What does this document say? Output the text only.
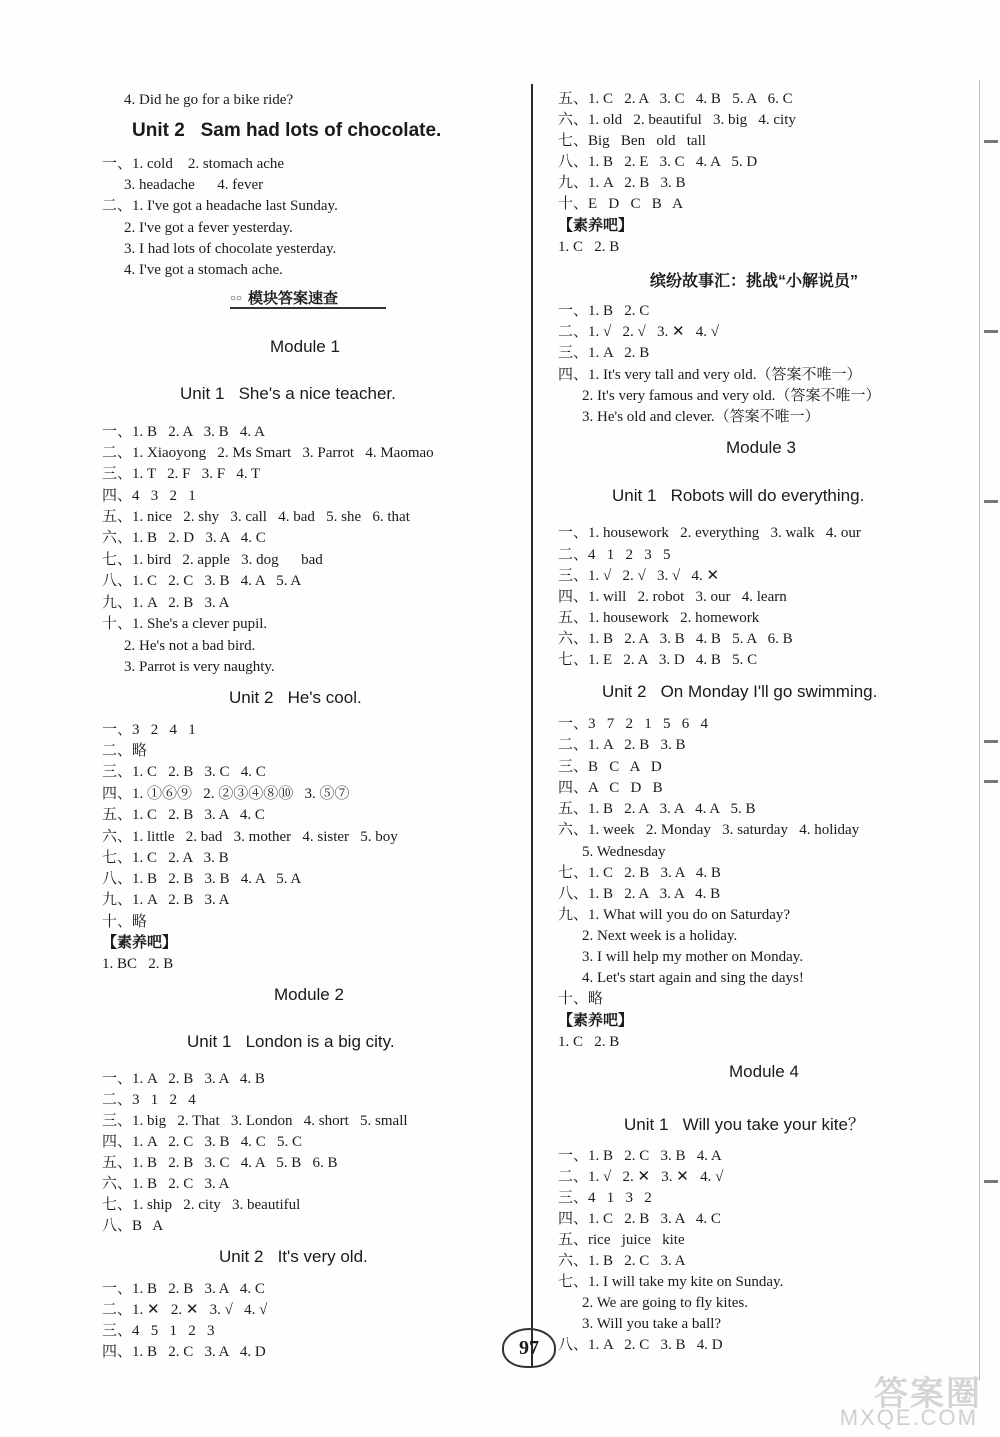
4. Did he go for a bike ride?
Unit 2   Sam had lots of chocolate.
一、1. cold    2. stomach ache
3. headache      4. fever
二、1. I've got a headache last Sunday.
2. I've got a fever yesterday.
3. I had lots of chocolate yesterday.
4. I've got a stomach ache.
○○ 模块答案速查
Module 1
Unit 1   She's a nice teacher.
一、1. B   2. A   3. B   4. A
二、1. Xiaoyong   2. Ms Smart   3. Parrot   4. Maomao
三、1. T   2. F   3. F   4. T
四、4   3   2   1
五、1. nice   2. shy   3. call   4. bad   5. she   6. that
六、1. B   2. D   3. A   4. C
七、1. bird   2. apple   3. dog      bad
八、1. C   2. C   3. B   4. A   5. A
九、1. A   2. B   3. A
十、1. She's a clever pupil.
2. He's not a bad bird.
3. Parrot is very naughty.
Unit 2   He's cool.
一、3   2   4   1
二、略
三、1. C   2. B   3. C   4. C
四、1. ①⑥⑨   2. ②③④⑧⑩   3. ⑤⑦
五、1. C   2. B   3. A   4. C
六、1. little   2. bad   3. mother   4. sister   5. boy
七、1. C   2. A   3. B
八、1. B   2. B   3. B   4. A   5. A
九、1. A   2. B   3. A
十、略
【素养吧】
1. BC   2. B
Module 2
Unit 1   London is a big city.
一、1. A   2. B   3. A   4. B
二、3   1   2   4
三、1. big   2. That   3. London   4. short   5. small
四、1. A   2. C   3. B   4. C   5. C
五、1. B   2. B   3. C   4. A   5. B   6. B
六、1. B   2. C   3. A
七、1. ship   2. city   3. beautiful
八、B   A
Unit 2   It's very old.
一、1. B   2. B   3. A   4. C
二、1. ✕   2. ✕   3. √   4. √
三、4   5   1   2   3
四、1. B   2. C   3. A   4. D
五、1. C   2. A   3. C   4. B   5. A   6. C
六、1. old   2. beautiful   3. big   4. city
七、Big   Ben   old   tall
八、1. B   2. E   3. C   4. A   5. D
九、1. A   2. B   3. B
十、E   D   C   B   A
【素养吧】
1. C   2. B
缤纷故事汇：挑战“小解说员”
一、1. B   2. C
二、1. √   2. √   3. ✕   4. √
三、1. A   2. B
四、1. It's very tall and very old.（答案不唯一）
2. It's very famous and very old.（答案不唯一）
3. He's old and clever.（答案不唯一）
Module 3
Unit 1   Robots will do everything.
一、1. housework   2. everything   3. walk   4. our
二、4   1   2   3   5
三、1. √   2. √   3. √   4. ✕
四、1. will   2. robot   3. our   4. learn
五、1. housework   2. homework
六、1. B   2. A   3. B   4. B   5. A   6. B
七、1. E   2. A   3. D   4. B   5. C
Unit 2   On Monday I'll go swimming.
一、3   7   2   1   5   6   4
二、1. A   2. B   3. B
三、B   C   A   D
四、A   C   D   B
五、1. B   2. A   3. A   4. A   5. B
六、1. week   2. Monday   3. saturday   4. holiday
5. Wednesday
七、1. C   2. B   3. A   4. B
八、1. B   2. A   3. A   4. B
九、1. What will you do on Saturday?
2. Next week is a holiday.
3. I will help my mother on Monday.
4. Let's start again and sing the days!
十、略
【素养吧】
1. C   2. B
Module 4
Unit 1   Will you take your kite？
一、1. B   2. C   3. B   4. A
二、1. √   2. ✕   3. ✕   4. √
三、4   1   3   2
四、1. C   2. B   3. A   4. C
五、rice   juice   kite
六、1. B   2. C   3. A
七、1. I will take my kite on Sunday.
2. We are going to fly kites.
3. Will you take a ball?
八、1. A   2. C   3. B   4. D
97
答案圈
MXQE.COM
